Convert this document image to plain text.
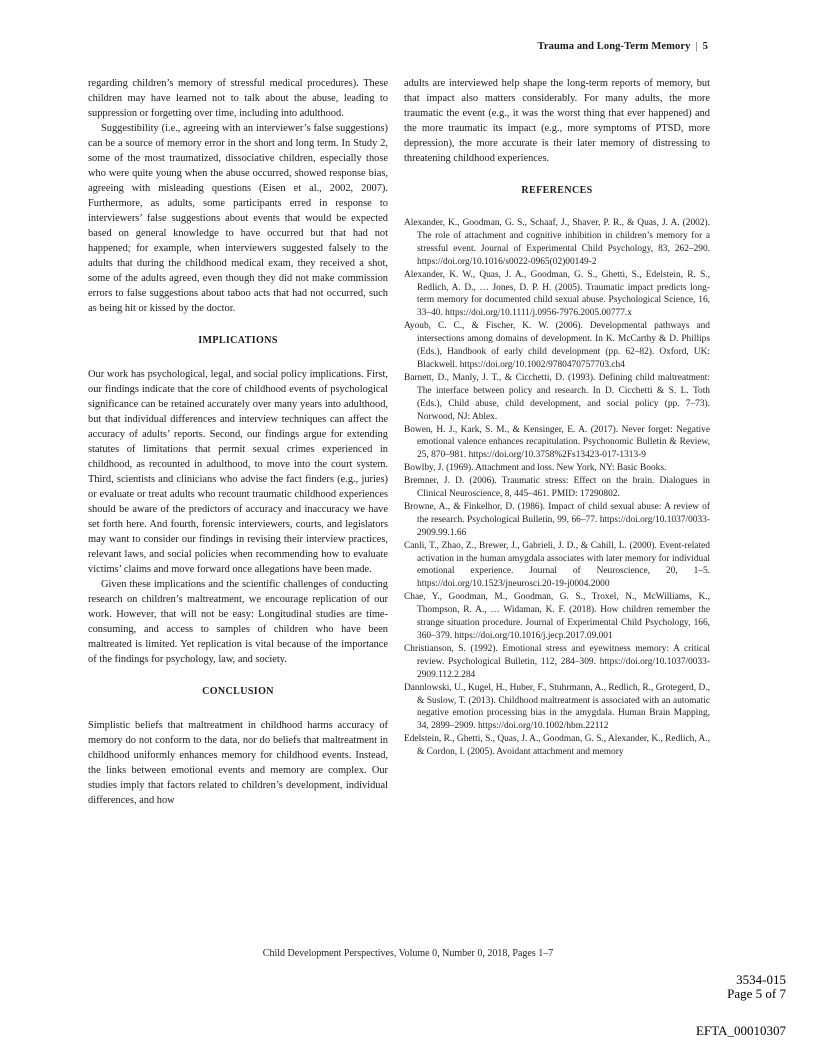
Trauma and Long-Term Memory | 5

regarding children’s memory of stressful medical procedures). These children may have learned not to talk about the abuse, leading to suppression or forgetting over time, including into adulthood.

Suggestibility (i.e., agreeing with an interviewer’s false suggestions) can be a source of memory error in the short and long term. In Study 2, some of the most traumatized, dissociative children, especially those who were quite young when the abuse occurred, showed response bias, agreeing with misleading questions (Eisen et al., 2002, 2007). Furthermore, as adults, some participants erred in response to interviewers’ false suggestions about events that would be expected based on general knowledge to have occurred but that had not happened; for example, when interviewers suggested falsely to the adults that during the childhood medical exam, they received a shot, some of the adults agreed, even though they did not make commission errors to false suggestions about taboo acts that had not occurred, such as being hit or kissed by the doctor.

IMPLICATIONS

Our work has psychological, legal, and social policy implications. First, our findings indicate that the core of childhood events of psychological significance can be retained accurately over many years into adulthood, but that individual differences and interview techniques can affect the accuracy of adults’ reports. Second, our findings argue for extending statutes of limitations that permit sexual crimes experienced in childhood, as recounted in adulthood, to move into the court system. Third, scientists and clinicians who advise the fact finders (e.g., juries) or evaluate or treat adults who recount traumatic childhood experiences should be aware of the predictors of accuracy and inaccuracy we have set forth here. And fourth, forensic interviewers, courts, and legislators may want to consider our findings in revising their interview practices, relevant laws, and social policies when recommending how to evaluate victims’ claims and move forward once allegations have been made.

Given these implications and the scientific challenges of conducting research on children’s maltreatment, we encourage replication of our work. However, that will not be easy: Longitudinal studies are time-consuming, and access to samples of children who have been maltreated is limited. Yet replication is vital because of the importance of the findings for psychology, law, and society.

CONCLUSION

Simplistic beliefs that maltreatment in childhood harms accuracy of memory do not conform to the data, nor do beliefs that maltreatment in childhood uniformly enhances memory for childhood events. Instead, the links between emotional events and memory are complex. Our studies imply that factors related to children’s development, individual differences, and how

adults are interviewed help shape the long-term reports of memory, but that impact also matters considerably. For many adults, the more traumatic the event (e.g., it was the worst thing that ever happened) and the more traumatic its impact (e.g., more symptoms of PTSD, more depression), the more accurate is their later memory of distressing to threatening childhood experiences.

REFERENCES

Alexander, K., Goodman, G. S., Schaaf, J., Shaver, P. R., & Quas, J. A. (2002). The role of attachment and cognitive inhibition in children’s memory for a stressful event. Journal of Experimental Child Psychology, 83, 262–290. https://doi.org/10.1016/s0022-0965(02)00149-2

Alexander, K. W., Quas, J. A., Goodman, G. S., Ghetti, S., Edelstein, R. S., Redlich, A. D., … Jones, D. P. H. (2005). Traumatic impact predicts long-term memory for documented child sexual abuse. Psychological Science, 16, 33–40. https://doi.org/10.1111/j.0956-7976.2005.00777.x

Ayoub, C. C., & Fischer, K. W. (2006). Developmental pathways and intersections among domains of development. In K. McCarthy & D. Phillips (Eds.), Handbook of early child development (pp. 62–82). Oxford, UK: Blackwell. https://doi.org/10.1002/9780470757703.ch4

Barnett, D., Manly, J. T., & Cicchetti, D. (1993). Defining child maltreatment: The interface between policy and research. In D. Cicchetti & S. L. Toth (Eds.), Child abuse, child development, and social policy (pp. 7–73). Norwood, NJ: Ablex.

Bowen, H. J., Kark, S. M., & Kensinger, E. A. (2017). Never forget: Negative emotional valence enhances recapitulation. Psychonomic Bulletin & Review, 25, 870–981. https://doi.org/10.3758%2Fs13423-017-1313-9

Bowlby, J. (1969). Attachment and loss. New York, NY: Basic Books.

Bremner, J. D. (2006). Traumatic stress: Effect on the brain. Dialogues in Clinical Neuroscience, 8, 445–461. PMID: 17290802.

Browne, A., & Finkelhor, D. (1986). Impact of child sexual abuse: A review of the research. Psychological Bulletin, 99, 66–77. https://doi.org/10.1037/0033-2909.99.1.66

Canli, T., Zhao, Z., Brewer, J., Gabrieli, J. D., & Cahill, L. (2000). Event-related activation in the human amygdala associates with later memory for individual emotional experience. Journal of Neuroscience, 20, 1–5. https://doi.org/10.1523/jneurosci.20-19-j0004.2000

Chae, Y., Goodman, M., Goodman, G. S., Troxel, N., McWilliams, K., Thompson, R. A., … Widaman, K. F. (2018). How children remember the strange situation procedure. Journal of Experimental Child Psychology, 166, 360–379. https://doi.org/10.1016/j.jecp.2017.09.001

Christianson, S. (1992). Emotional stress and eyewitness memory: A critical review. Psychological Bulletin, 112, 284–309. https://doi.org/10.1037/0033-2909.112.2.284

Dannlowski, U., Kugel, H., Huber, F., Stuhrmann, A., Redlich, R., Grotegerd, D., & Suslow, T. (2013). Childhood maltreatment is associated with an automatic negative emotion processing bias in the amygdala. Human Brain Mapping, 34, 2899–2909. https://doi.org/10.1002/hbm.22112

Edelstein, R., Ghetti, S., Quas, J. A., Goodman, G. S., Alexander, K., Redlich, A., & Cordon, I. (2005). Avoidant attachment and memory

Child Development Perspectives, Volume 0, Number 0, 2018, Pages 1–7
3534-015
Page 5 of 7
EFTA_00010307
